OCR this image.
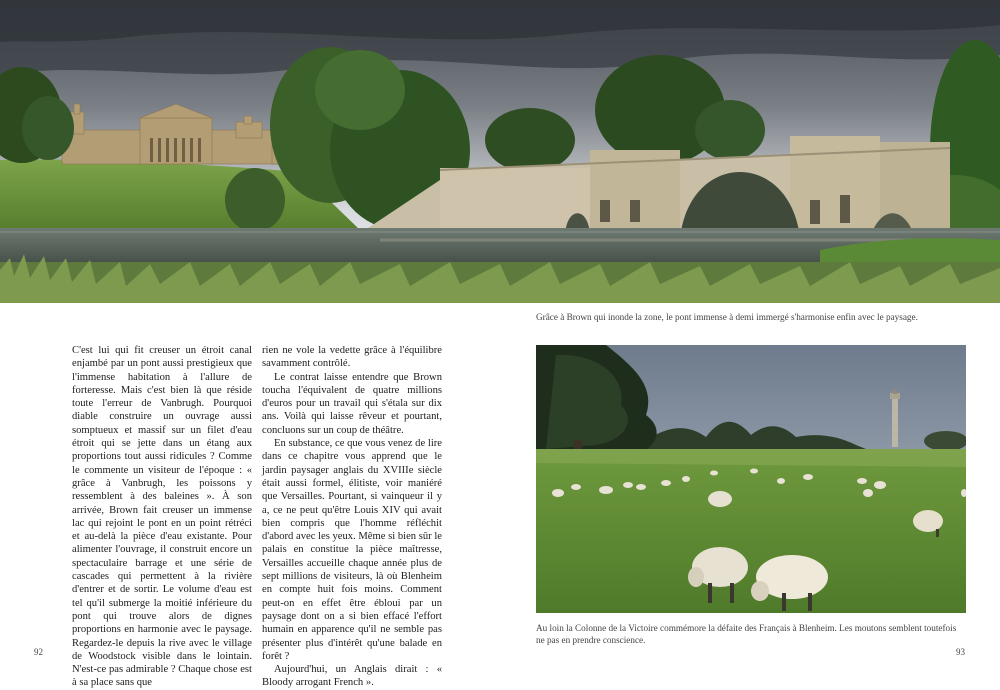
Grâce à Brown qui inonde la zone, le pont immense à demi immergé s'harmonise enfin avec le paysage.

C'est lui qui fit creuser un étroit canal enjambé par un pont aussi prestigieux que l'immense habitation à l'allure de forteresse. Mais c'est bien là que réside toute l'erreur de Vanbrugh. Pourquoi diable construire un ouvrage aussi somptueux et massif sur un filet d'eau étroit qui se jette dans un étang aux proportions tout aussi ridicules ? Comme le commente un visiteur de l'époque : « grâce à Vanbrugh, les poissons y ressemblent à des baleines ». À son arrivée, Brown fait creuser un immense lac qui rejoint le pont en un point rétréci et au-delà la pièce d'eau existante. Pour alimenter l'ouvrage, il construit encore un spectaculaire barrage et une série de cascades qui permettent à la rivière d'entrer et de sortir. Le volume d'eau est tel qu'il submerge la moitié inférieure du pont qui trouve alors de dignes proportions en harmonie avec le paysage. Regardez-le depuis la rive avec le village de Woodstock visible dans le lointain. N'est-ce pas admirable ? Chaque chose est à sa place sans que

rien ne vole la vedette grâce à l'équilibre savamment contrôlé.

Le contrat laisse entendre que Brown toucha l'équivalent de quatre millions d'euros pour un travail qui s'étala sur dix ans. Voilà qui laisse rêveur et pourtant, concluons sur un coup de théâtre.

En substance, ce que vous venez de lire dans ce chapitre vous apprend que le jardin paysager anglais du XVIIIe siècle était aussi formel, élitiste, voir maniéré que Versailles. Pourtant, si vainqueur il y a, ce ne peut qu'être Louis XIV qui avait bien compris que l'homme réfléchit d'abord avec les yeux. Même si bien sûr le palais en constitue la pièce maîtresse, Versailles accueille chaque année plus de sept millions de visiteurs, là où Blenheim en compte huit fois moins. Comment peut-on en effet être ébloui par un paysage dont on a si bien effacé l'effort humain en apparence qu'il ne semble pas présenter plus d'intérêt qu'une balade en forêt ?

Aujourd'hui, un Anglais dirait : « Bloody arrogant French ».

Au loin la Colonne de la Victoire commémore la défaite des Français à Blenheim. Les moutons semblent toutefois ne pas en prendre conscience.
92	93
